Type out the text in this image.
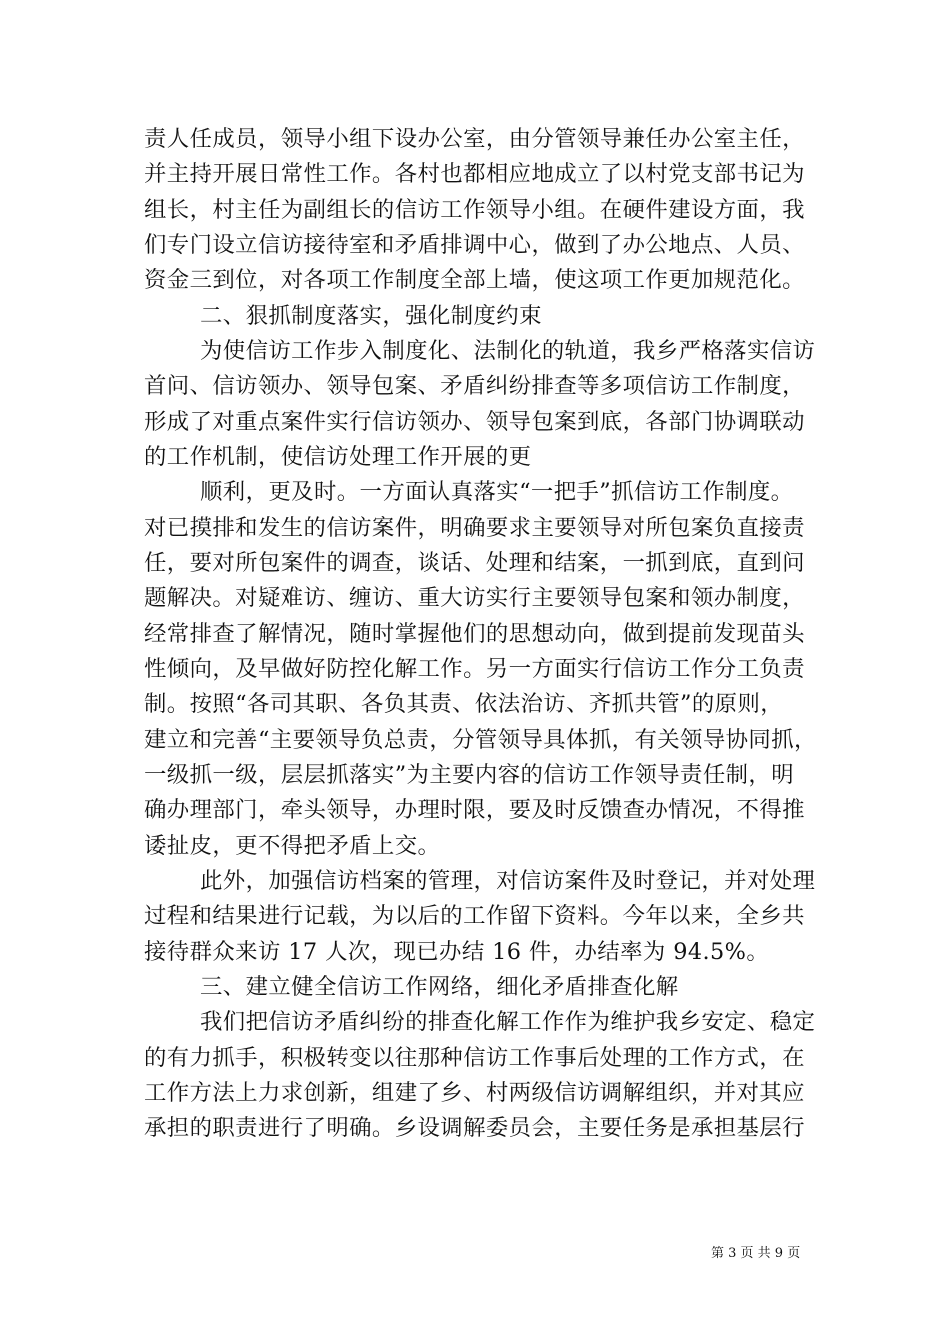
责人任成员，领导小组下设办公室，由分管领导兼任办公室主任，
并主持开展日常性工作。各村也都相应地成立了以村党支部书记为
组长，村主任为副组长的信访工作领导小组。在硬件建设方面，我
们专门设立信访接待室和矛盾排调中心，做到了办公地点、人员、
资金三到位，对各项工作制度全部上墙，使这项工作更加规范化。
二、狠抓制度落实，强化制度约束
为使信访工作步入制度化、法制化的轨道，我乡严格落实信访
首问、信访领办、领导包案、矛盾纠纷排查等多项信访工作制度，
形成了对重点案件实行信访领办、领导包案到底，各部门协调联动
的工作机制，使信访处理工作开展的更
顺利，更及时。一方面认真落实“一把手”抓信访工作制度。
对已摸排和发生的信访案件，明确要求主要领导对所包案负直接责
任，要对所包案件的调查，谈话、处理和结案，一抓到底，直到问
题解决。对疑难访、缠访、重大访实行主要领导包案和领办制度，
经常排查了解情况，随时掌握他们的思想动向，做到提前发现苗头
性倾向，及早做好防控化解工作。另一方面实行信访工作分工负责
制。按照“各司其职、各负其责、依法治访、齐抓共管”的原则，
建立和完善“主要领导负总责，分管领导具体抓，有关领导协同抓，
一级抓一级，层层抓落实”为主要内容的信访工作领导责任制，明
确办理部门，牵头领导，办理时限，要及时反馈查办情况，不得推
诿扯皮，更不得把矛盾上交。
此外，加强信访档案的管理，对信访案件及时登记，并对处理
过程和结果进行记载，为以后的工作留下资料。今年以来，全乡共
接待群众来访 17 人次，现已办结 16 件，办结率为 94.5%。
三、建立健全信访工作网络，细化矛盾排查化解
我们把信访矛盾纠纷的排查化解工作作为维护我乡安定、稳定
的有力抓手，积极转变以往那种信访工作事后处理的工作方式，在
工作方法上力求创新，组建了乡、村两级信访调解组织，并对其应
承担的职责进行了明确。乡设调解委员会，主要任务是承担基层行
第 3 页 共 9 页
